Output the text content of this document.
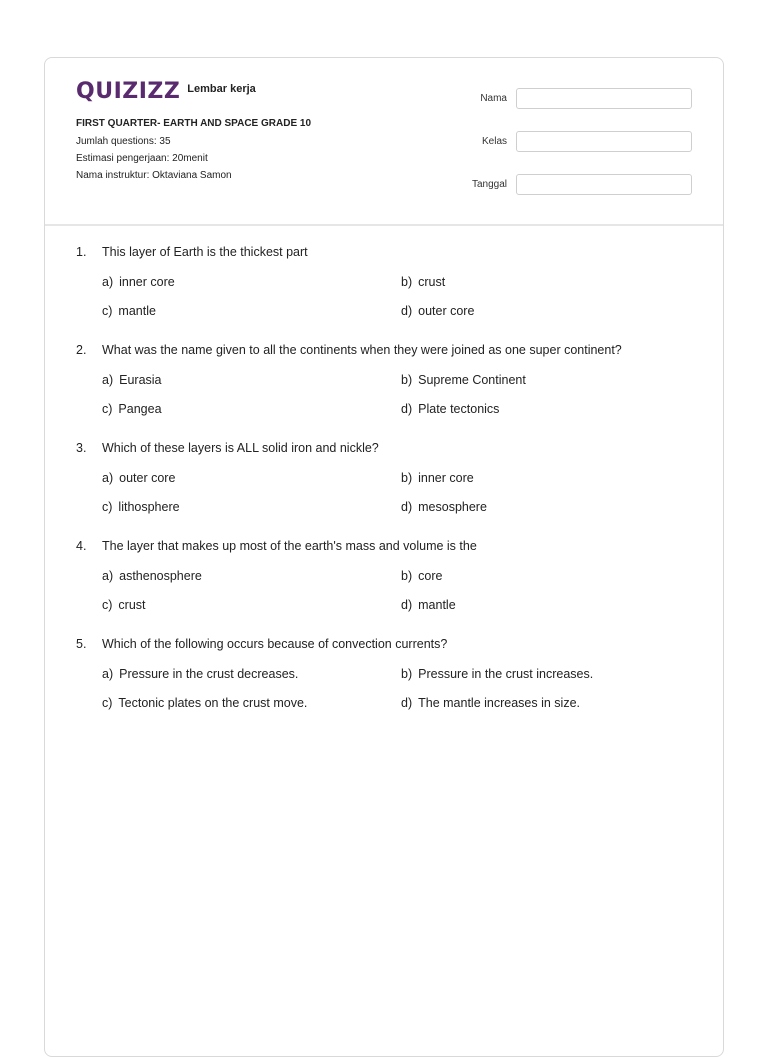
QUIZIZZ Lembar kerja
FIRST QUARTER- EARTH AND SPACE GRADE 10
Jumlah questions: 35
Estimasi pengerjaan: 20menit
Nama instruktur: Oktaviana Samon
Nama
Kelas
Tanggal
1.	This layer of Earth is the thickest part
a) inner core	b) crust
c) mantle	d) outer core
2.	What was the name given to all the continents when they were joined as one super continent?
a) Eurasia	b) Supreme Continent
c) Pangea	d) Plate tectonics
3.	Which of these layers is ALL solid iron and nickle?
a) outer core	b) inner core
c) lithosphere	d) mesosphere
4.	The layer that makes up most of the earth's mass and volume is the
a) asthenosphere	b) core
c) crust	d) mantle
5.	Which of the following occurs because of convection currents?
a) Pressure in the crust decreases.	b) Pressure in the crust increases.
c) Tectonic plates on the crust move.	d) The mantle increases in size.
